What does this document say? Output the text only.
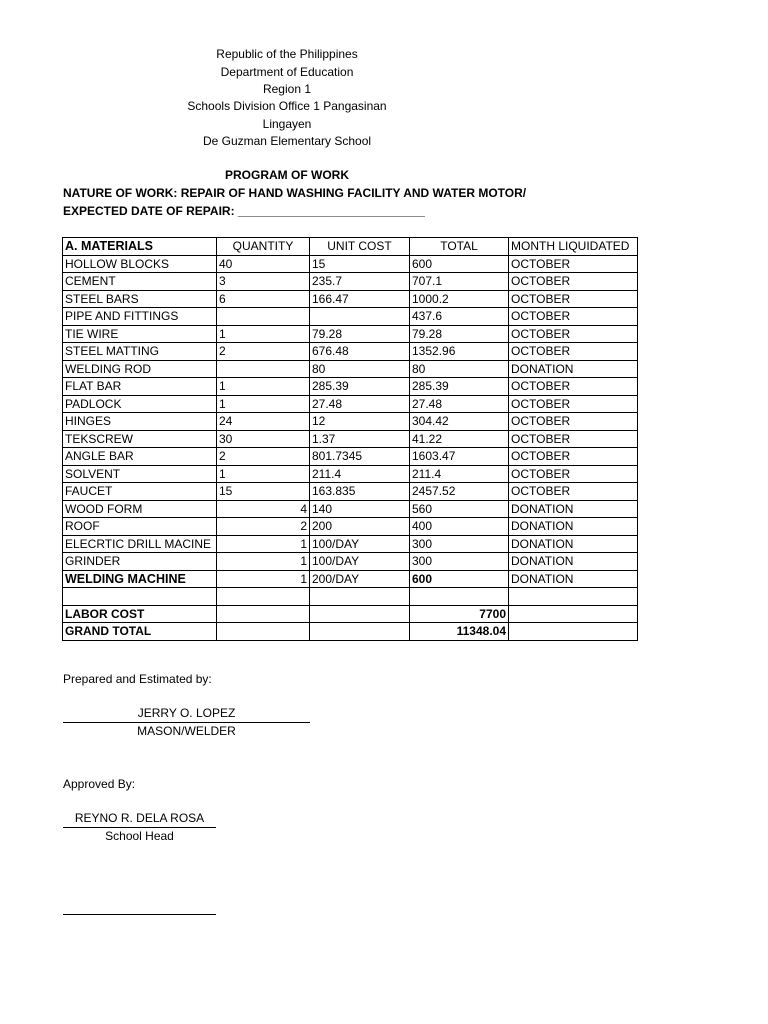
Republic of the Philippines
Department of Education
Region 1
Schools Division Office 1 Pangasinan
Lingayen
De Guzman Elementary School
PROGRAM OF WORK
NATURE OF WORK: REPAIR OF HAND WASHING FACILITY AND WATER MOTOR/
EXPECTED DATE OF REPAIR: ____________________________
A. MATERIALS	QUANTITY	UNIT COST	TOTAL	MONTH LIQUIDATED
HOLLOW BLOCKS	40	15	600	OCTOBER
CEMENT	3	235.7	707.1	OCTOBER
STEEL BARS	6	166.47	1000.2	OCTOBER
PIPE AND FITTINGS			437.6	OCTOBER
TIE WIRE	1	79.28	79.28	OCTOBER
STEEL MATTING	2	676.48	1352.96	OCTOBER
WELDING ROD		80	80	DONATION
FLAT BAR	1	285.39	285.39	OCTOBER
PADLOCK	1	27.48	27.48	OCTOBER
HINGES	24	12	304.42	OCTOBER
TEKSCREW	30	1.37	41.22	OCTOBER
ANGLE BAR	2	801.7345	1603.47	OCTOBER
SOLVENT	1	211.4	211.4	OCTOBER
FAUCET	15	163.835	2457.52	OCTOBER
WOOD FORM	4	140	560	DONATION
ROOF	2	200	400	DONATION
ELECRTIC DRILL MACINE	1	100/DAY	300	DONATION
GRINDER	1	100/DAY	300	DONATION
WELDING MACHINE	1	200/DAY	600	DONATION

LABOR COST			7700	
GRAND TOTAL			11348.04	
Prepared and Estimated by:
JERRY O. LOPEZ
MASON/WELDER
Approved By:
REYNO R. DELA ROSA
School Head
